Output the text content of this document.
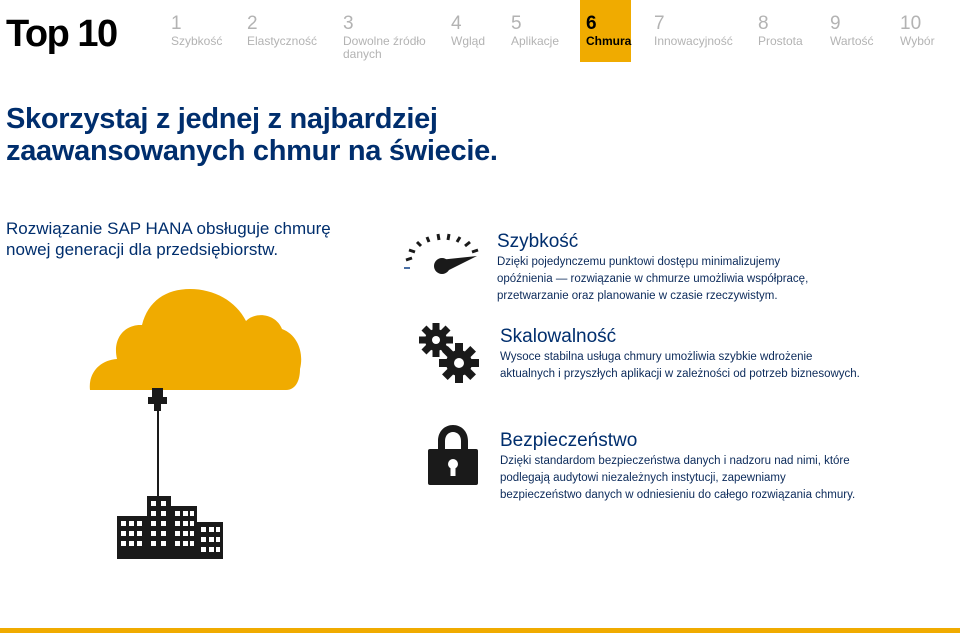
Top 10	1
Szybkość
2
Elastyczność
3
Dowolne źródło danych
4
Wgląd
5
Aplikacje
6
Chmura
7
Innowacyjność
8
Prostota
9
Wartość
10
Wybór
Skorzystaj z jednej z najbardziej zaawansowanych chmur na świecie.

Rozwiązanie SAP HANA obsługuje chmurę nowej generacji dla przedsiębiorstw.	Szybkość
Dzięki pojedynczemu punktowi dostępu minimalizujemy opóźnienia — rozwiązanie w chmurze umożliwia współpracę, przetwarzanie oraz planowanie w czasie rzeczywistym.
Skalowalność
Wysoce stabilna usługa chmury umożliwia szybkie wdrożenie aktualnych i przyszłych aplikacji w zależności od potrzeb biznesowych.
Bezpieczeństwo
Dzięki standardom bezpieczeństwa danych i nadzoru nad nimi, które podlegają audytowi niezależnych instytucji, zapewniamy bezpieczeństwo danych w odniesieniu do całego rozwiązania chmury.
